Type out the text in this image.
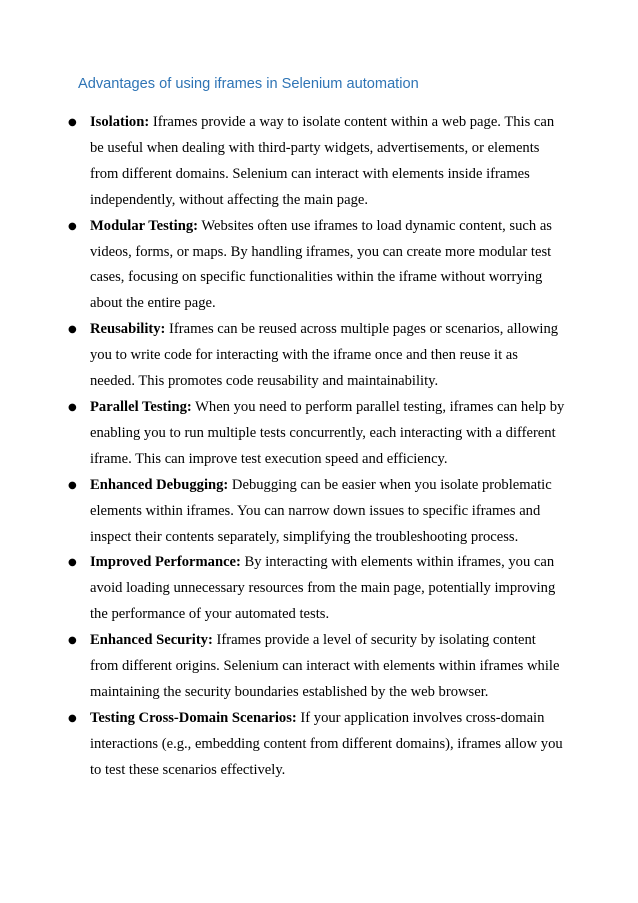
Advantages of using iframes in Selenium automation
● Isolation: Iframes provide a way to isolate content within a web page. This can be useful when dealing with third-party widgets, advertisements, or elements from different domains. Selenium can interact with elements inside iframes independently, without affecting the main page.
● Modular Testing: Websites often use iframes to load dynamic content, such as videos, forms, or maps. By handling iframes, you can create more modular test cases, focusing on specific functionalities within the iframe without worrying about the entire page.
● Reusability: Iframes can be reused across multiple pages or scenarios, allowing you to write code for interacting with the iframe once and then reuse it as needed. This promotes code reusability and maintainability.
● Parallel Testing: When you need to perform parallel testing, iframes can help by enabling you to run multiple tests concurrently, each interacting with a different iframe. This can improve test execution speed and efficiency.
● Enhanced Debugging: Debugging can be easier when you isolate problematic elements within iframes. You can narrow down issues to specific iframes and inspect their contents separately, simplifying the troubleshooting process.
● Improved Performance: By interacting with elements within iframes, you can avoid loading unnecessary resources from the main page, potentially improving the performance of your automated tests.
● Enhanced Security: Iframes provide a level of security by isolating content from different origins. Selenium can interact with elements within iframes while maintaining the security boundaries established by the web browser.
● Testing Cross-Domain Scenarios: If your application involves cross-domain interactions (e.g., embedding content from different domains), iframes allow you to test these scenarios effectively.
